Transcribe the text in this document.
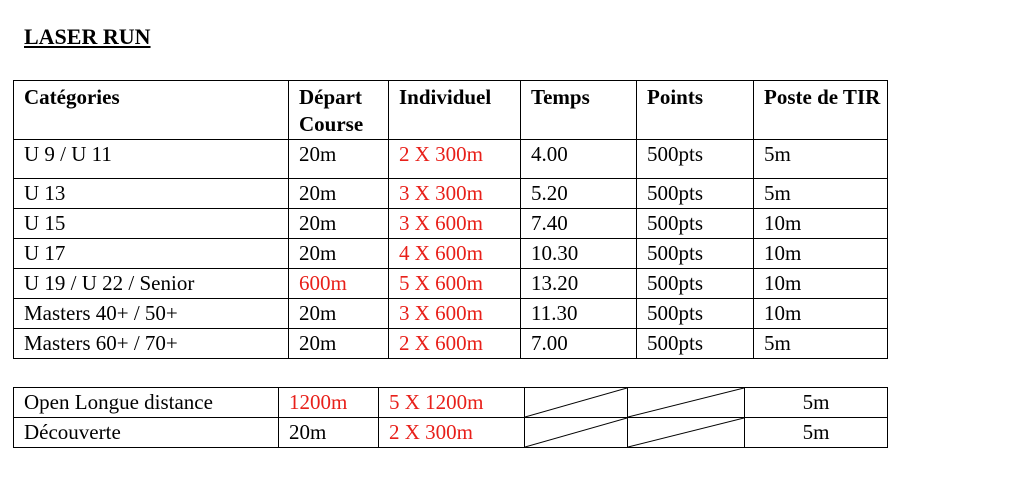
LASER RUN
Catégories	Départ Course	Individuel	Temps	Points	Poste de TIR
U 9 / U 11	20m	2 X 300m	4.00	500pts	5m
U 13	20m	3 X 300m	5.20	500pts	5m
U 15	20m	3 X 600m	7.40	500pts	10m
U 17	20m	4 X 600m	10.30	500pts	10m
U 19 / U 22 / Senior	600m	5 X 600m	13.20	500pts	10m
Masters 40+ / 50+	20m	3 X 600m	11.30	500pts	10m
Masters 60+ / 70+	20m	2 X 600m	7.00	500pts	5m
Open Longue distance	1200m	5 X 1200m			5m
Découverte	20m	2 X 300m			5m
